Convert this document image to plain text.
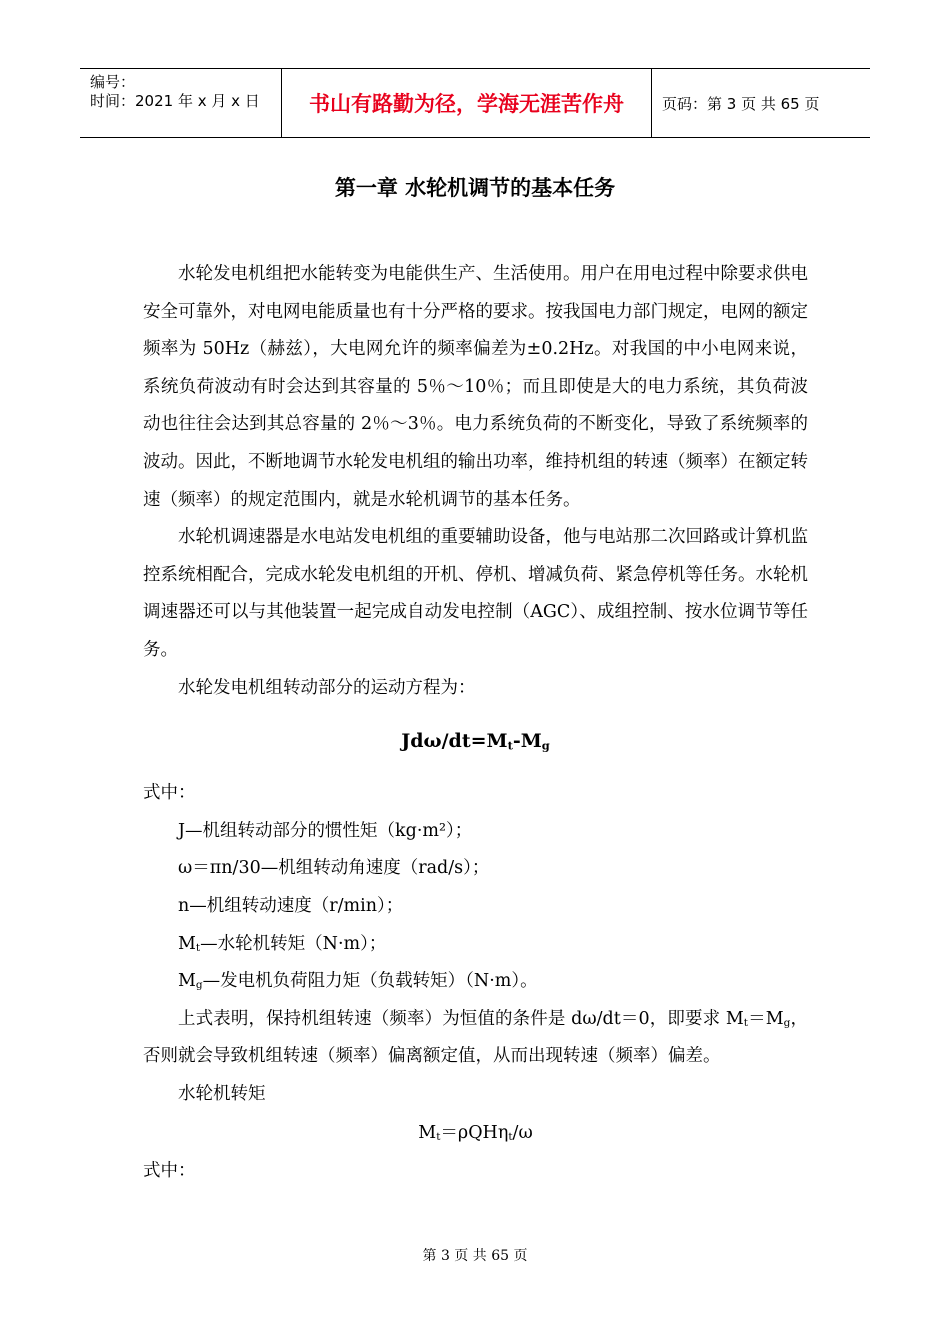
编号：
时间：2021 年 x 月 x 日	书山有路勤为径，学海无涯苦作舟	页码：第 3 页 共 65 页
第一章 水轮机调节的基本任务

水轮发电机组把水能转变为电能供生产、生活使用。用户在用电过程中除要求供电安全可靠外，对电网电能质量也有十分严格的要求。按我国电力部门规定，电网的额定频率为 50Hz（赫兹），大电网允许的频率偏差为±0.2Hz。对我国的中小电网来说，系统负荷波动有时会达到其容量的 5％～10％；而且即使是大的电力系统，其负荷波动也往往会达到其总容量的 2％～3％。电力系统负荷的不断变化，导致了系统频率的波动。因此，不断地调节水轮发电机组的输出功率，维持机组的转速（频率）在额定转速（频率）的规定范围内，就是水轮机调节的基本任务。

水轮机调速器是水电站发电机组的重要辅助设备，他与电站那二次回路或计算机监控系统相配合，完成水轮发电机组的开机、停机、增减负荷、紧急停机等任务。水轮机调速器还可以与其他装置一起完成自动发电控制（AGC）、成组控制、按水位调节等任务。

水轮发电机组转动部分的运动方程为：

Jdω/$dt=M_t-M_g$

式中：

J—机组转动部分的惯性矩（kg·m²）；

ω＝πn/30—机组转动角速度（rad/s）；

n—机组转动速度（r/min）；

$M_t—$水轮机转矩（N·m）；

$M_g—$发电机负荷阻力矩（负载转矩）（N·m）。

上式表明，保持机组转速（频率）为恒值的条件是 dω/dt＝0，即要求 $M_t=M_g$，否则就会导致机组转速（频率）偏离额定值，从而出现转速（频率）偏差。

水轮机转矩

$M_t=\rho QH\eta_t/\omega$

式中：

第 3 页 共 65 页
